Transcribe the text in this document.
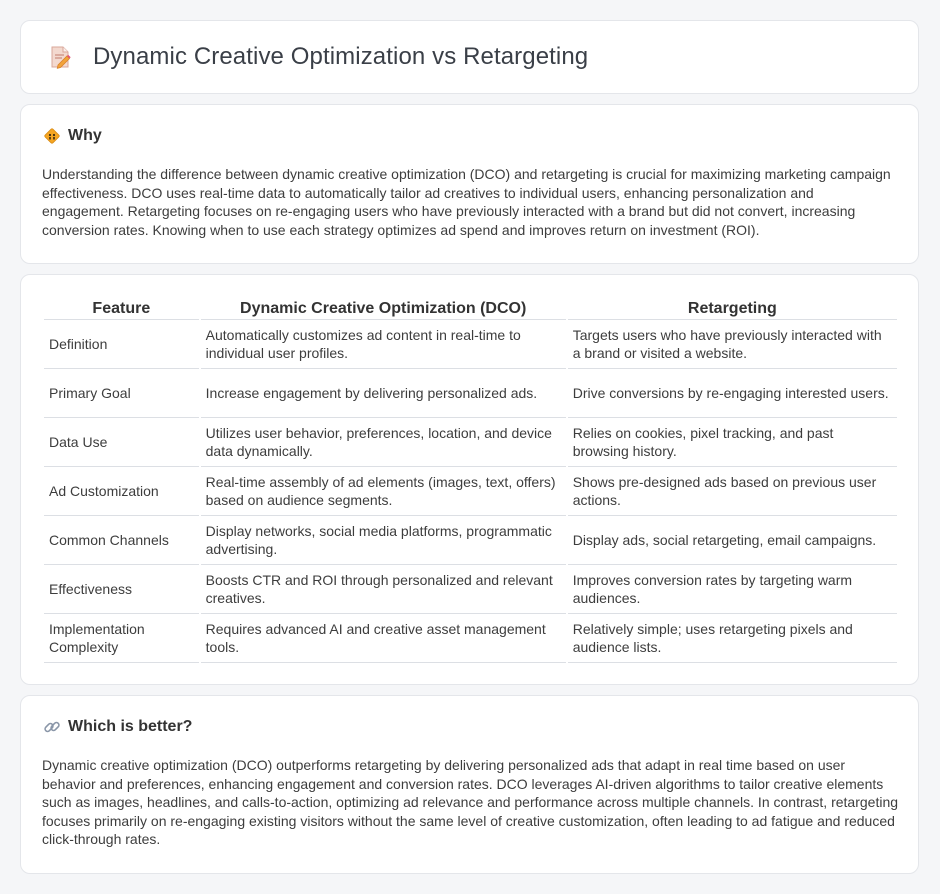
Dynamic Creative Optimization vs Retargeting
Why

Understanding the difference between dynamic creative optimization (DCO) and retargeting is crucial for maximizing marketing campaign effectiveness. DCO uses real-time data to automatically tailor ad creatives to individual users, enhancing personalization and engagement. Retargeting focuses on re-engaging users who have previously interacted with a brand but did not convert, increasing conversion rates. Knowing when to use each strategy optimizes ad spend and improves return on investment (ROI).

Feature	Dynamic Creative Optimization (DCO)	Retargeting
Definition	Automatically customizes ad content in real-time to individual user profiles.	Targets users who have previously interacted with a brand or visited a website.
Primary Goal	Increase engagement by delivering personalized ads.	Drive conversions by re-engaging interested users.
Data Use	Utilizes user behavior, preferences, location, and device data dynamically.	Relies on cookies, pixel tracking, and past browsing history.
Ad Customization	Real-time assembly of ad elements (images, text, offers) based on audience segments.	Shows pre-designed ads based on previous user actions.
Common Channels	Display networks, social media platforms, programmatic advertising.	Display ads, social retargeting, email campaigns.
Effectiveness	Boosts CTR and ROI through personalized and relevant creatives.	Improves conversion rates by targeting warm audiences.
Implementation Complexity	Requires advanced AI and creative asset management tools.	Relatively simple; uses retargeting pixels and audience lists.
Which is better?

Dynamic creative optimization (DCO) outperforms retargeting by delivering personalized ads that adapt in real time based on user behavior and preferences, enhancing engagement and conversion rates. DCO leverages AI-driven algorithms to tailor creative elements such as images, headlines, and calls-to-action, optimizing ad relevance and performance across multiple channels. In contrast, retargeting focuses primarily on re-engaging existing visitors without the same level of creative customization, often leading to ad fatigue and reduced click-through rates.
